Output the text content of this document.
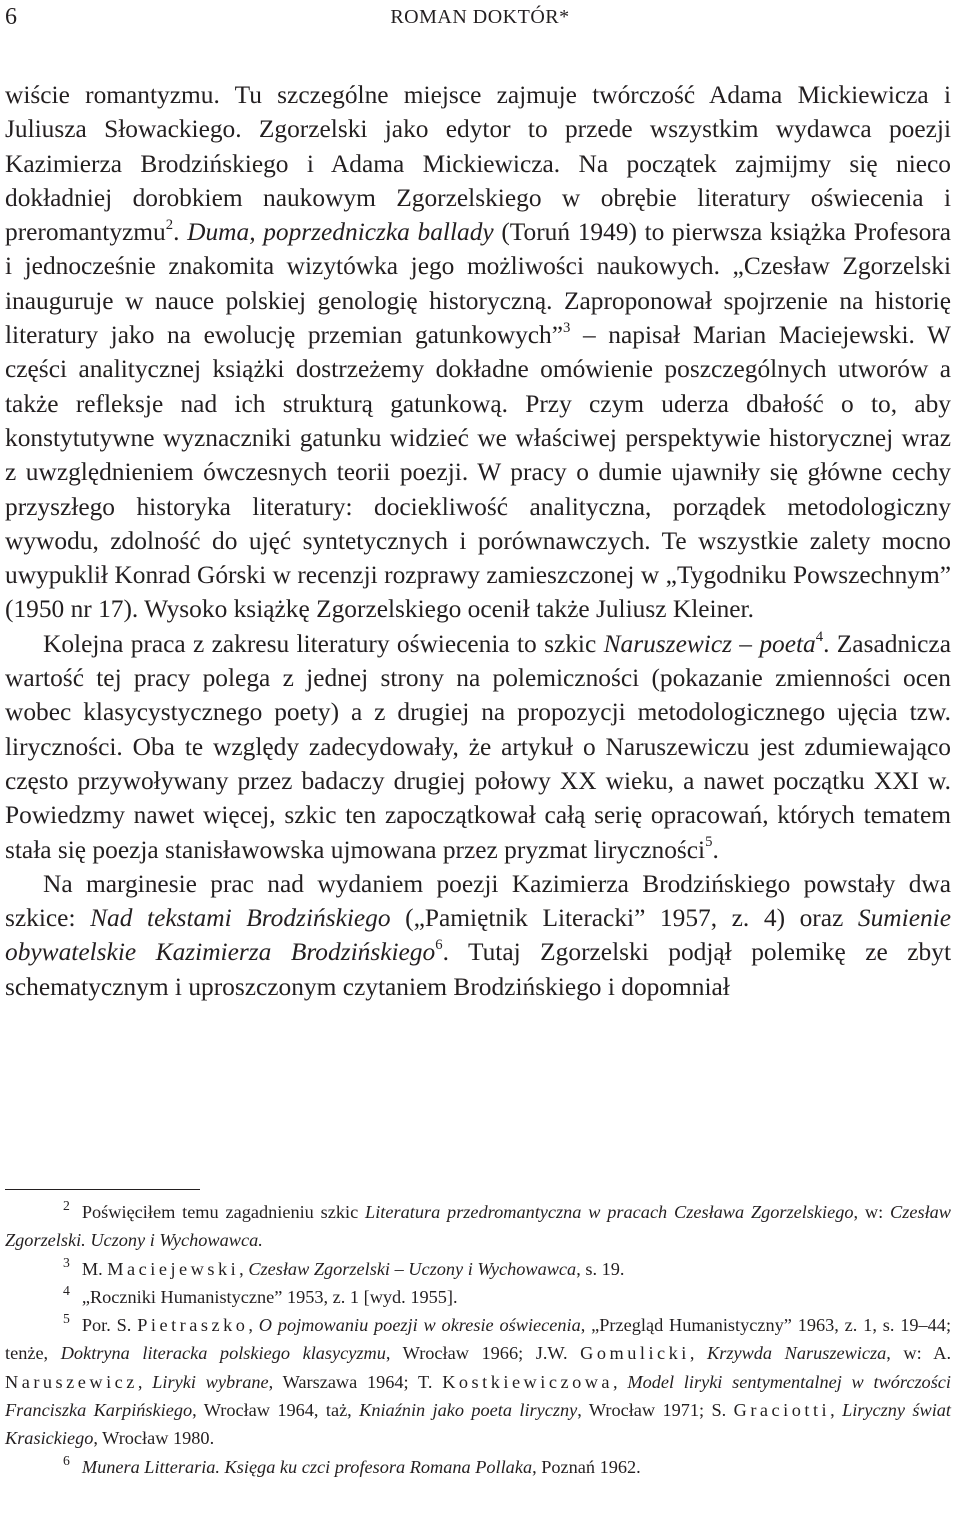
6	ROMAN DOKTÓR*

wiście romantyzmu. Tu szczególne miejsce zajmuje twórczość Adama Mickiewicza i Juliusza Słowackiego. Zgorzelski jako edytor to przede wszystkim wydawca poezji Kazimierza Brodzińskiego i Adama Mickiewicza. Na początek zajmijmy się nieco dokładniej dorobkiem naukowym Zgorzelskiego w obrębie literatury oświecenia i preromantyzmu$^2$. Duma, poprzedniczka ballady (Toruń 1949) to pierwsza książka Profesora i jednocześnie znakomita wizytówka jego możliwości naukowych. „Czesław Zgorzelski inauguruje w nauce polskiej genologię historyczną. Zaproponował spojrzenie na historię literatury jako na ewolucję przemian gatunkowych”$^3$ – napisał Marian Maciejewski. W części analitycznej książki dostrzeżemy dokładne omówienie poszczególnych utworów a także refleksje nad ich strukturą gatunkową. Przy czym uderza dbałość o to, aby konstytutywne wyznaczniki gatunku widzieć we właściwej perspektywie historycznej wraz z uwzględnieniem ówczesnych teorii poezji. W pracy o dumie ujawniły się główne cechy przyszłego historyka literatury: dociekliwość analityczna, porządek metodologiczny wywodu, zdolność do ujęć syntetycznych i porównawczych. Te wszystkie zalety mocno uwypuklił Konrad Górski w recenzji rozprawy zamieszczonej w „Tygodniku Powszechnym” (1950 nr 17). Wysoko książkę Zgorzelskiego ocenił także Juliusz Kleiner.

Kolejna praca z zakresu literatury oświecenia to szkic Naruszewicz – poeta$^4$. Zasadnicza wartość tej pracy polega z jednej strony na polemiczności (pokazanie zmienności ocen wobec klasycystycznego poety) a z drugiej na propozycji metodologicznego ujęcia tzw. liryczności. Oba te względy zadecydowały, że artykuł o Naruszewiczu jest zdumiewająco często przywoływany przez badaczy drugiej połowy XX wieku, a nawet początku XXI w. Powiedzmy nawet więcej, szkic ten zapoczątkował całą serię opracowań, których tematem stała się poezja stanisławowska ujmowana przez pryzmat liryczności$^5$.

Na marginesie prac nad wydaniem poezji Kazimierza Brodzińskiego powstały dwa szkice: Nad tekstami Brodzińskiego („Pamiętnik Literacki” 1957, z. 4) oraz Sumienie obywatelskie Kazimierza Brodzińskiego$^6$. Tutaj Zgorzelski podjął polemikę ze zbyt schematycznym i uproszczonym czytaniem Brodzińskiego i dopomniał

$^2$ Poświęciłem temu zagadnieniu szkic Literatura przedromantyczna w pracach Czesława Zgorzelskiego, w: Czesław Zgorzelski. Uczony i Wychowawca.

$^3$ M. Maciejewski, Czesław Zgorzelski – Uczony i Wychowawca, s. 19.

$^4$ „Roczniki Humanistyczne” 1953, z. 1 [wyd. 1955].

$^5$ Por. S. Pietraszko, O pojmowaniu poezji w okresie oświecenia, „Przegląd Humanistyczny” 1963, z. 1, s. 19–44; tenże, Doktryna literacka polskiego klasycyzmu, Wrocław 1966; J.W. Gomulicki, Krzywda Naruszewicza, w: A. Naruszewicz, Liryki wybrane, Warszawa 1964; T. Kostkiewiczowa, Model liryki sentymentalnej w twórczości Franciszka Karpińskiego, Wrocław 1964, taż, Kniaźnin jako poeta liryczny, Wrocław 1971; S. Graciotti, Liryczny świat Krasickiego, Wrocław 1980.

$^6$ Munera Litteraria. Księga ku czci profesora Romana Pollaka, Poznań 1962.
